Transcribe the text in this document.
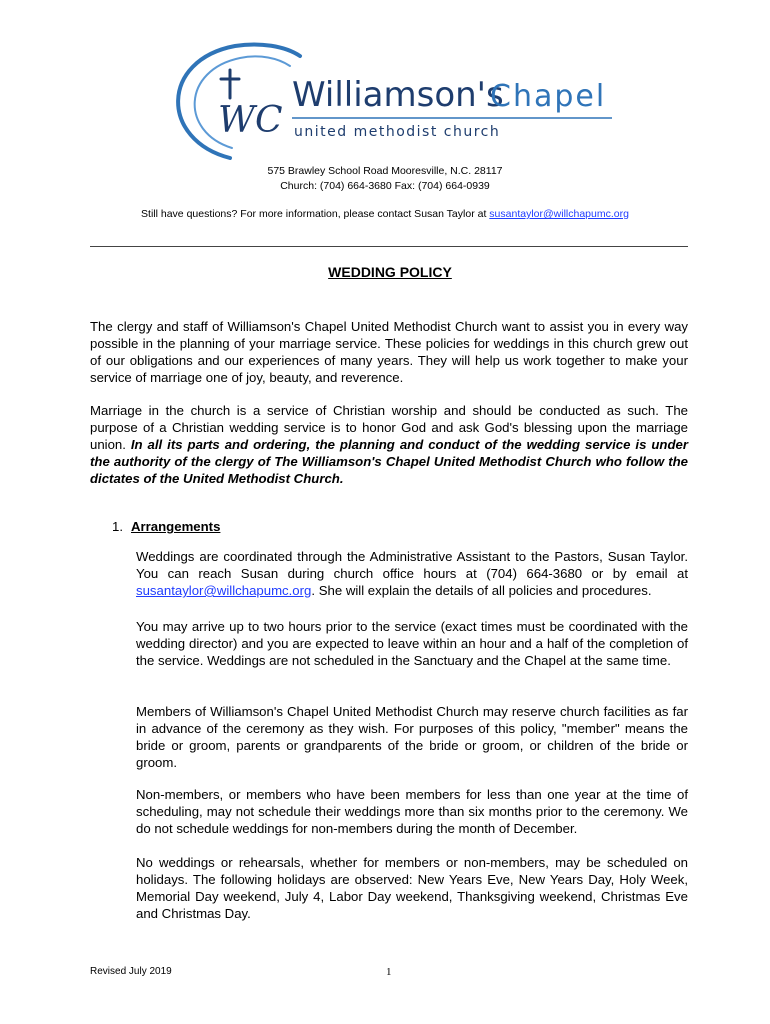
WC
Williamson's
Chapel
united methodist church
575 Brawley School Road Mooresville, N.C. 28117
Church: (704) 664-3680 Fax: (704) 664-0939
Still have questions? For more information, please contact Susan Taylor at susantaylor@willchapumc.org
WEDDING POLICY
The clergy and staff of Williamson's Chapel United Methodist Church want to assist you in every way possible in the planning of your marriage service. These policies for weddings in this church grew out of our obligations and our experiences of many years. They will help us work together to make your service of marriage one of joy, beauty, and reverence.
Marriage in the church is a service of Christian worship and should be conducted as such. The purpose of a Christian wedding service is to honor God and ask God's blessing upon the marriage union. In all its parts and ordering, the planning and conduct of the wedding service is under the authority of the clergy of The Williamson's Chapel United Methodist Church who follow the dictates of the United Methodist Church.
1. Arrangements
Weddings are coordinated through the Administrative Assistant to the Pastors, Susan Taylor. You can reach Susan during church office hours at (704) 664-3680 or by email at susantaylor@willchapumc.org. She will explain the details of all policies and procedures.
You may arrive up to two hours prior to the service (exact times must be coordinated with the wedding director) and you are expected to leave within an hour and a half of the completion of the service. Weddings are not scheduled in the Sanctuary and the Chapel at the same time.
Members of Williamson's Chapel United Methodist Church may reserve church facilities as far in advance of the ceremony as they wish. For purposes of this policy, "member" means the bride or groom, parents or grandparents of the bride or groom, or children of the bride or groom.
Non-members, or members who have been members for less than one year at the time of scheduling, may not schedule their weddings more than six months prior to the ceremony. We do not schedule weddings for non-members during the month of December.
No weddings or rehearsals, whether for members or non-members, may be scheduled on holidays. The following holidays are observed: New Years Eve, New Years Day, Holy Week, Memorial Day weekend, July 4, Labor Day weekend, Thanksgiving weekend, Christmas Eve and Christmas Day.
Revised July 2019	1
